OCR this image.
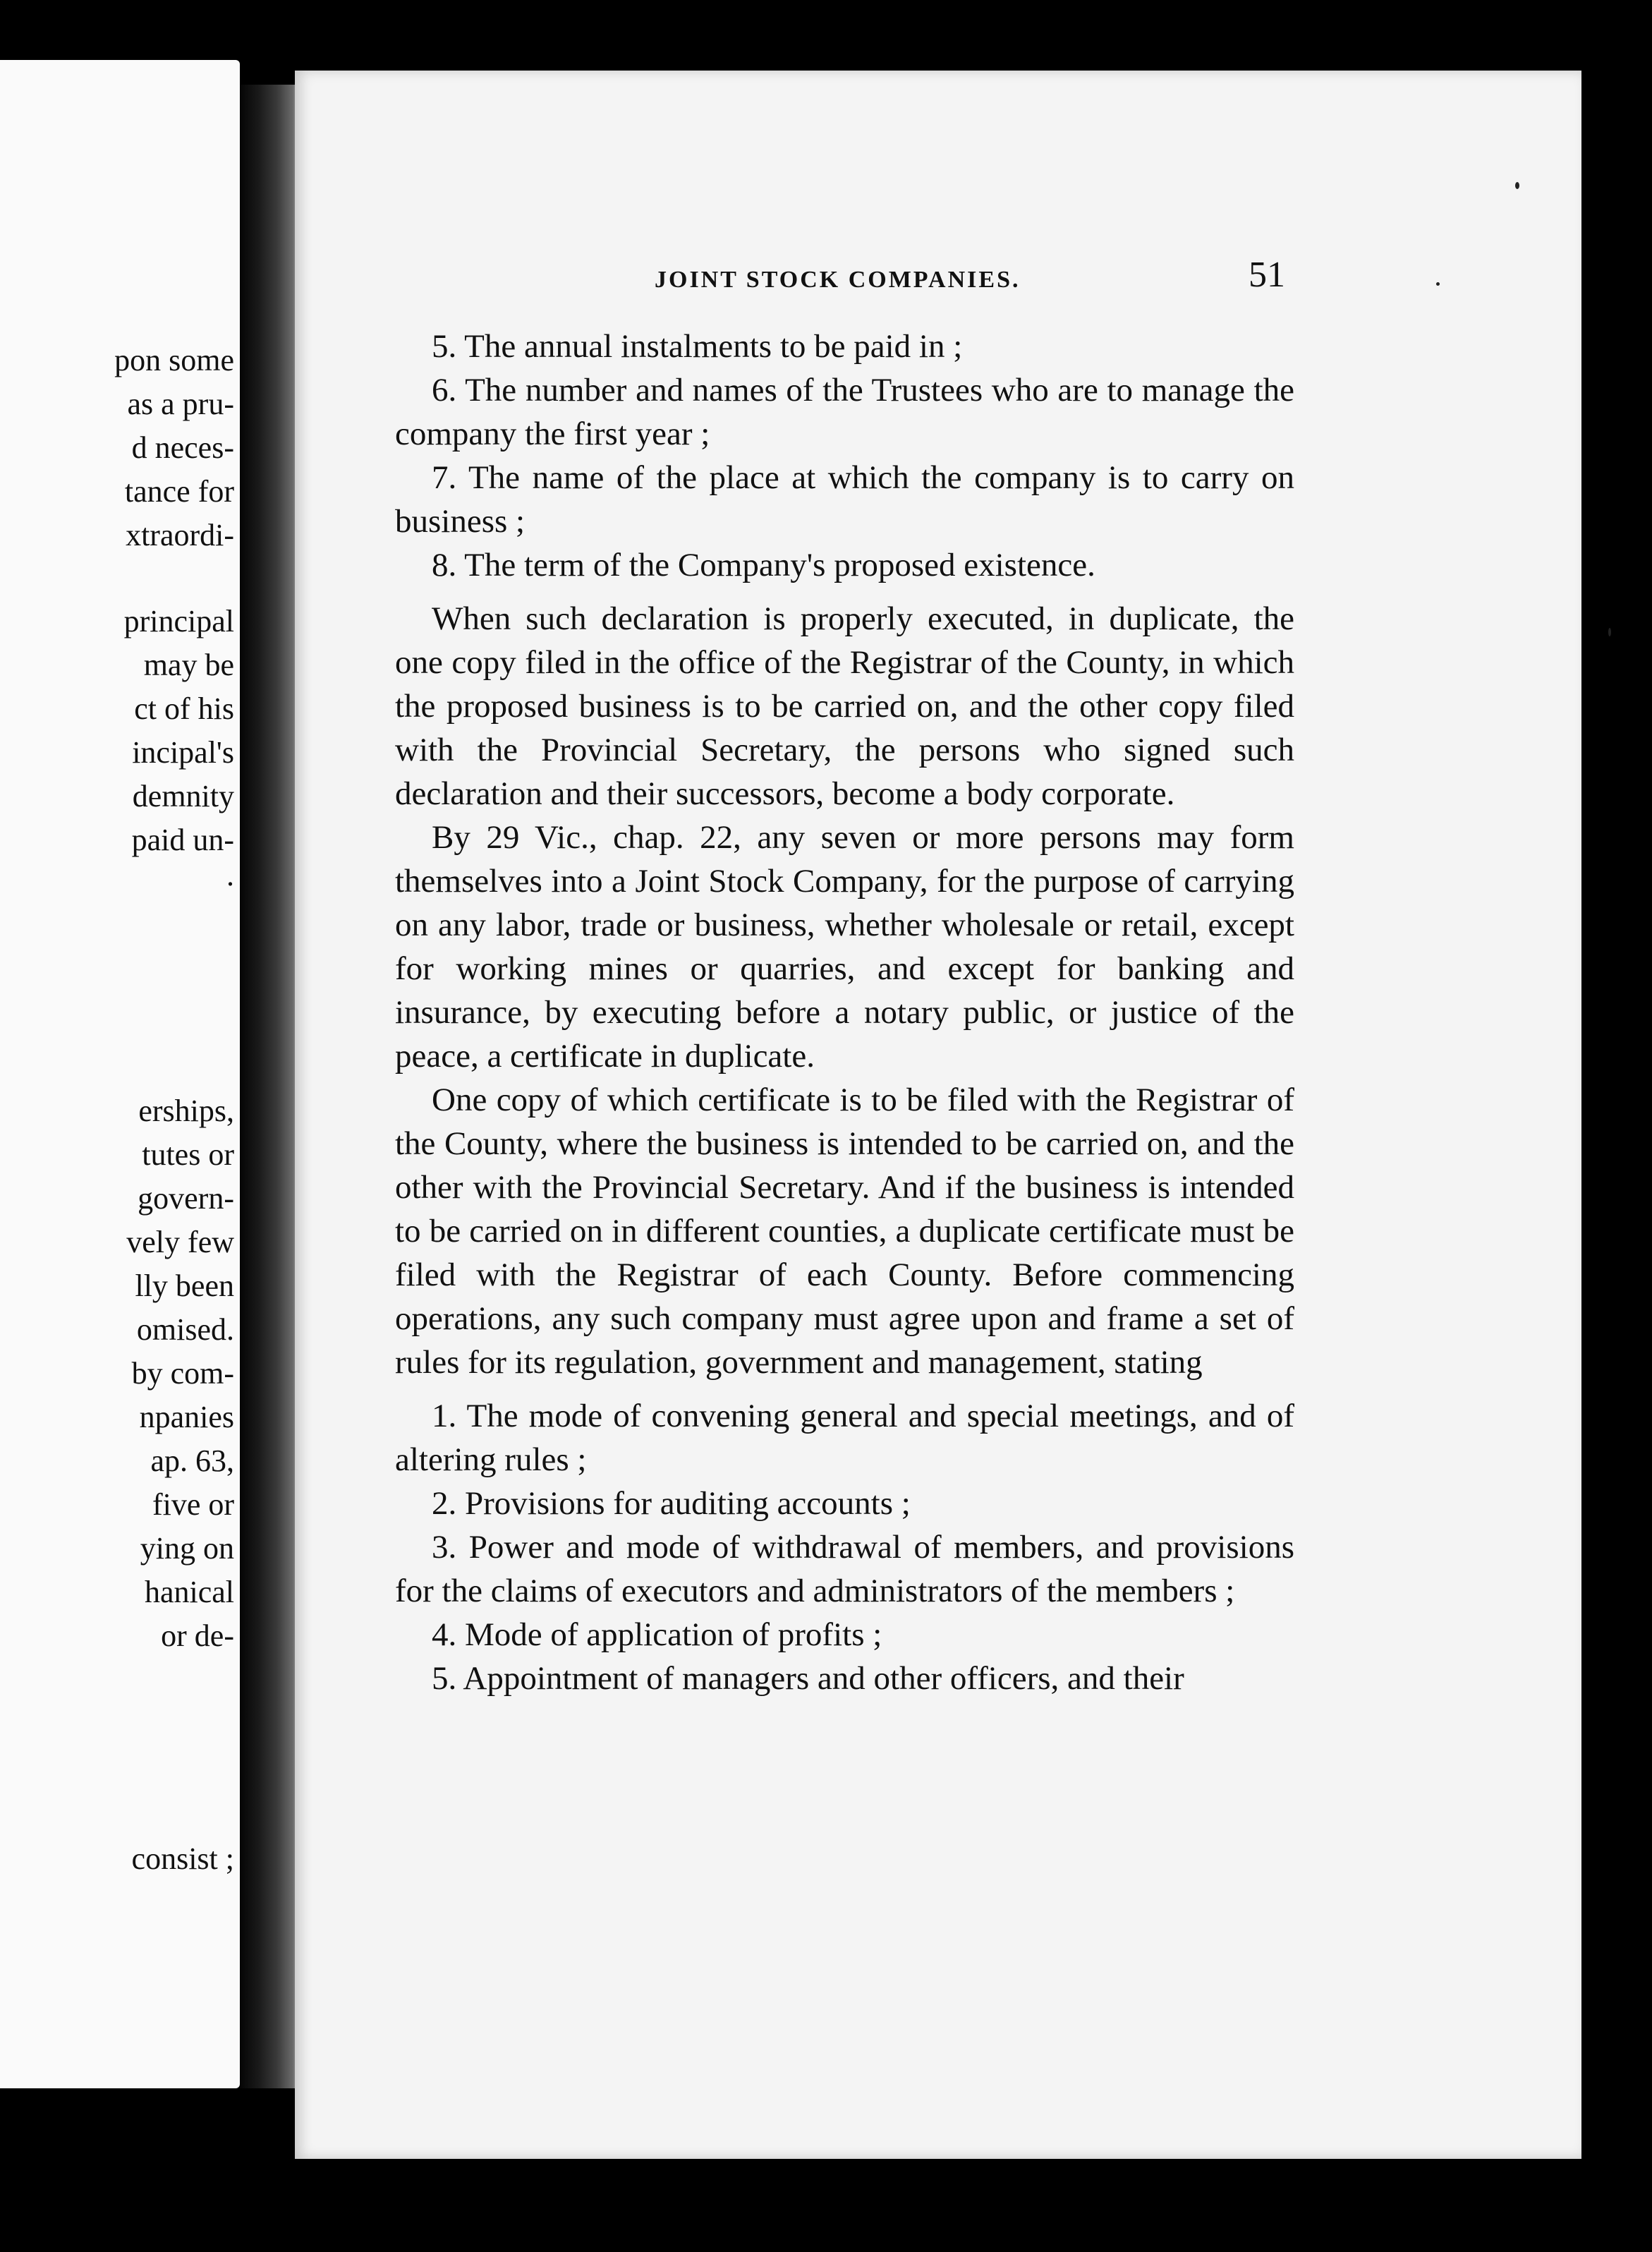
pon some
as a pru-
d neces-
tance for
xtraordi-
principal
may be
ct of his
incipal's
demnity
paid un-
.
erships,
tutes or
govern-
vely few
lly been
omised.
by com-
npanies
ap. 63,
five or
ying on
hanical
or de-
consist ;
JOINT STOCK COMPANIES.	51

5. The annual instalments to be paid in ;

6. The number and names of the Trustees who are to manage the company the first year ;

7. The name of the place at which the company is to carry on business ;

8. The term of the Company's proposed existence.

When such declaration is properly executed, in duplicate, the one copy filed in the office of the Registrar of the County, in which the proposed business is to be carried on, and the other copy filed with the Provincial Secretary, the persons who signed such declaration and their successors, become a body corporate.

By 29 Vic., chap. 22, any seven or more persons may form themselves into a Joint Stock Company, for the purpose of carrying on any labor, trade or business, whether wholesale or retail, except for working mines or quarries, and except for banking and insurance, by executing before a notary public, or justice of the peace, a certificate in duplicate.

One copy of which certificate is to be filed with the Registrar of the County, where the business is intended to be carried on, and the other with the Provincial Secretary. And if the business is intended to be carried on in different counties, a duplicate certificate must be filed with the Registrar of each County. Before commencing operations, any such company must agree upon and frame a set of rules for its regulation, government and management, stating

1. The mode of convening general and special meetings, and of altering rules ;

2. Provisions for auditing accounts ;

3. Power and mode of withdrawal of members, and provisions for the claims of executors and administrators of the members ;

4. Mode of application of profits ;

5. Appointment of managers and other officers, and their
